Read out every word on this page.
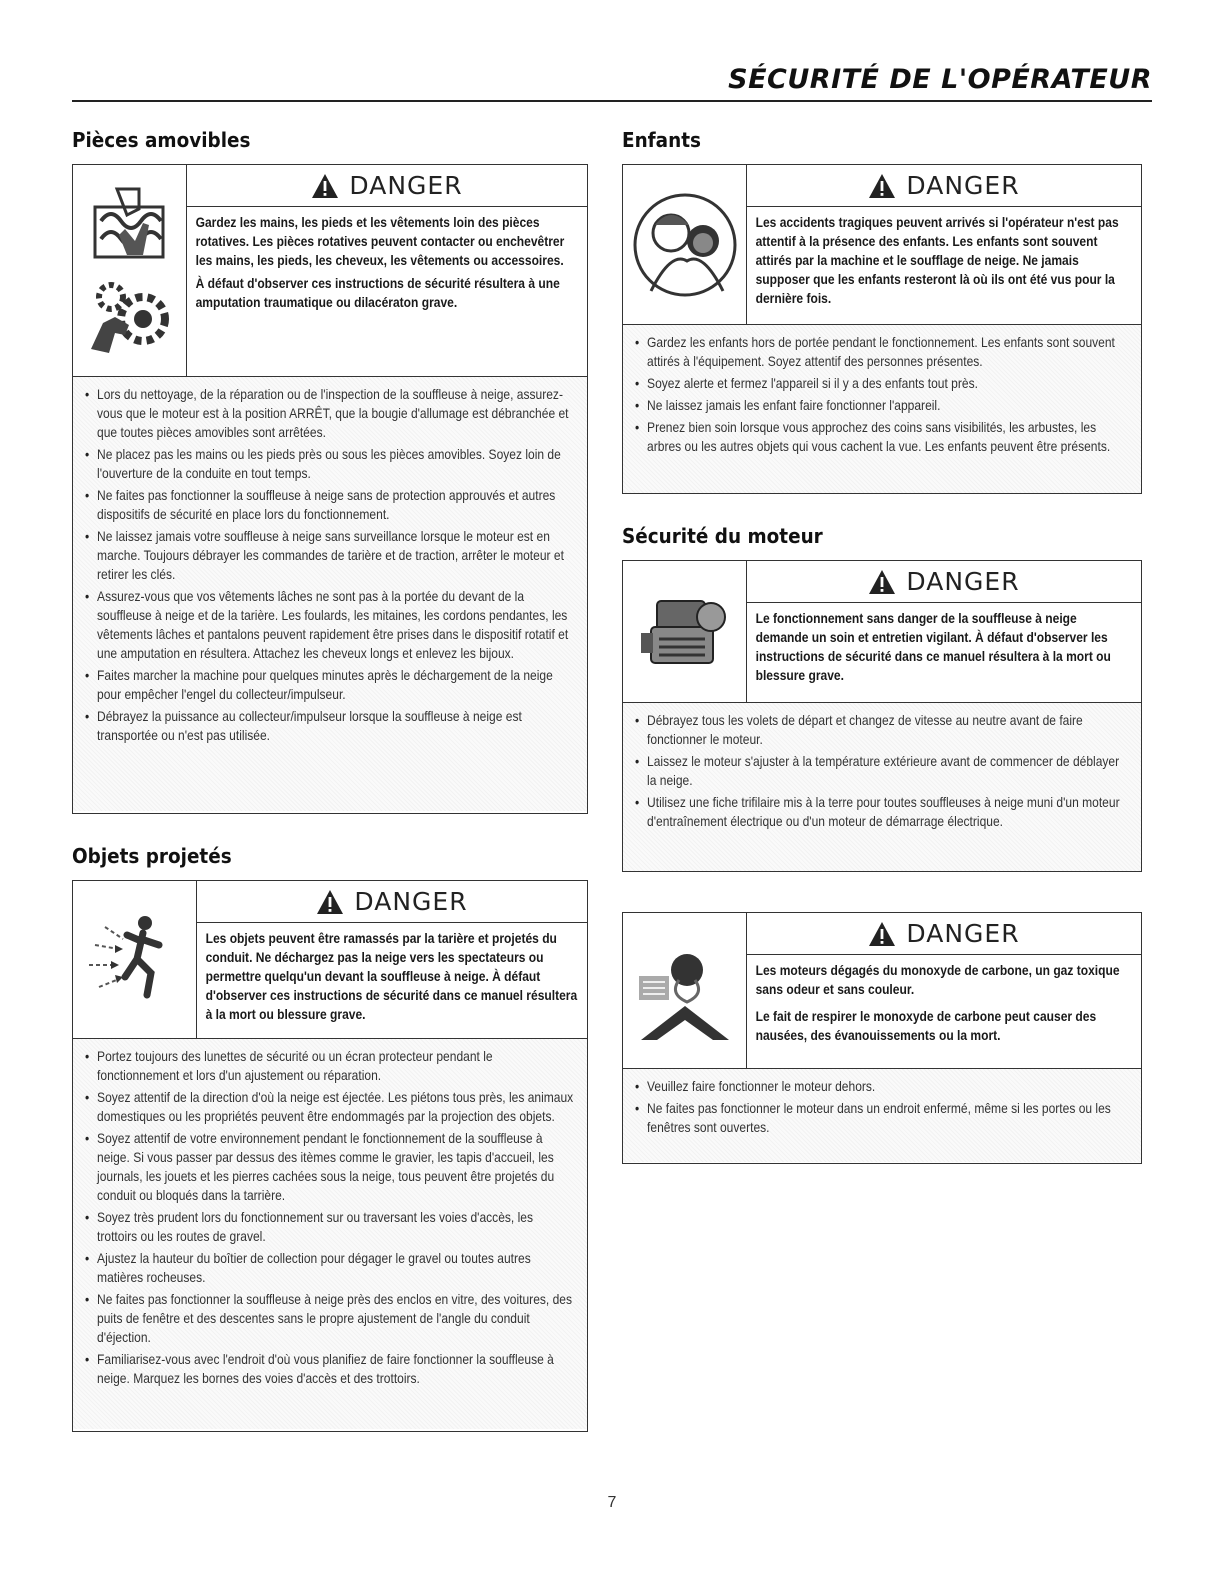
SÉCURITÉ DE L'OPÉRATEUR
Pièces amovibles
DANGER

Gardez les mains, les pieds et les vêtements loin des pièces rotatives. Les pièces rotatives peuvent contacter ou enchevêtrer les mains, les pieds, les cheveux, les vêtements ou accessoires.

À défaut d'observer ces instructions de sécurité résultera à une amputation traumatique ou dilacératon grave.

• Lors du nettoyage, de la réparation ou de l'inspection de la souffleuse à neige, assurez-vous que le moteur est à la position ARRÊT, que la bougie d'allumage est débranchée et que toutes pièces amovibles sont arrêtées.
• Ne placez pas les mains ou les pieds près ou sous les pièces amovibles. Soyez loin de l'ouverture de la conduite en tout temps.
• Ne faites pas fonctionner la souffleuse à neige sans de protection approuvés et autres dispositifs de sécurité en place lors du fonctionnement.
• Ne laissez jamais votre souffleuse à neige sans surveillance lorsque le moteur est en marche. Toujours débrayer les commandes de tarière et de traction, arrêter le moteur et retirer les clés.
• Assurez-vous que vos vêtements lâches ne sont pas à la portée du devant de la souffleuse à neige et de la tarière. Les foulards, les mitaines, les cordons pendantes, les vêtements lâches et pantalons peuvent rapidement être prises dans le dispositif rotatif et une amputation en résultera. Attachez les cheveux longs et enlevez les bijoux.
• Faites marcher la machine pour quelques minutes après le déchargement de la neige pour empêcher l'engel du collecteur/impulseur.
• Débrayez la puissance au collecteur/impulseur lorsque la souffleuse à neige est transportée ou n'est pas utilisée.
Objets projetés
DANGER

Les objets peuvent être ramassés par la tarière et projetés du conduit. Ne déchargez pas la neige vers les spectateurs ou permettre quelqu'un devant la souffleuse à neige. À défaut d'observer ces instructions de sécurité dans ce manuel résultera à la mort ou blessure grave.

• Portez toujours des lunettes de sécurité ou un écran protecteur pendant le fonctionnement et lors d'un ajustement ou réparation.
• Soyez attentif de la direction d'où la neige est éjectée. Les piétons tous près, les animaux domestiques ou les propriétés peuvent être endommagés par la projection des objets.
• Soyez attentif de votre environnement pendant le fonctionnement de la souffleuse à neige. Si vous passer par dessus des itèmes comme le gravier, les tapis d'accueil, les journals, les jouets et les pierres cachées sous la neige, tous peuvent être projetés du conduit ou bloqués dans la tarrière.
• Soyez très prudent lors du fonctionnement sur ou traversant les voies d'accès, les trottoirs ou les routes de gravel.
• Ajustez la hauteur du boîtier de collection pour dégager le gravel ou toutes autres matières rocheuses.
• Ne faites pas fonctionner la souffleuse à neige près des enclos en vitre, des voitures, des puits de fenêtre et des descentes sans le propre ajustement de l'angle du conduit d'éjection.
• Familiarisez-vous avec l'endroit d'où vous planifiez de faire fonctionner la souffleuse à neige. Marquez les bornes des voies d'accès et des trottoirs.
Enfants
DANGER

Les accidents tragiques peuvent arrivés si l'opérateur n'est pas attentif à la présence des enfants. Les enfants sont souvent attirés par la machine et le soufflage de neige. Ne jamais supposer que les enfants resteront là où ils ont été vus pour la dernière fois.

• Gardez les enfants hors de portée pendant le fonctionnement. Les enfants sont souvent attirés à l'équipement. Soyez attentif des personnes présentes.
• Soyez alerte et fermez l'appareil si il y a des enfants tout près.
• Ne laissez jamais les enfant faire fonctionner l'appareil.
• Prenez bien soin lorsque vous approchez des coins sans visibilités, les arbustes, les arbres ou les autres objets qui vous cachent la vue. Les enfants peuvent être présents.
Sécurité du moteur
DANGER

Le fonctionnement sans danger de la souffleuse à neige demande un soin et entretien vigilant. À défaut d'observer les instructions de sécurité dans ce manuel résultera à la mort ou blessure grave.

• Débrayez tous les volets de départ et changez de vitesse au neutre avant de faire fonctionner le moteur.
• Laissez le moteur s'ajuster à la température extérieure avant de commencer de déblayer la neige.
• Utilisez une fiche trifilaire mis à la terre pour toutes souffleuses à neige muni d'un moteur d'entraînement électrique ou d'un moteur de démarrage électrique.
DANGER

Les moteurs dégagés du monoxyde de carbone, un gaz toxique sans odeur et sans couleur.

Le fait de respirer le monoxyde de carbone peut causer des nausées, des évanouissements ou la mort.

• Veuillez faire fonctionner le moteur dehors.
• Ne faites pas fonctionner le moteur dans un endroit enfermé, même si les portes ou les fenêtres sont ouvertes.
7
